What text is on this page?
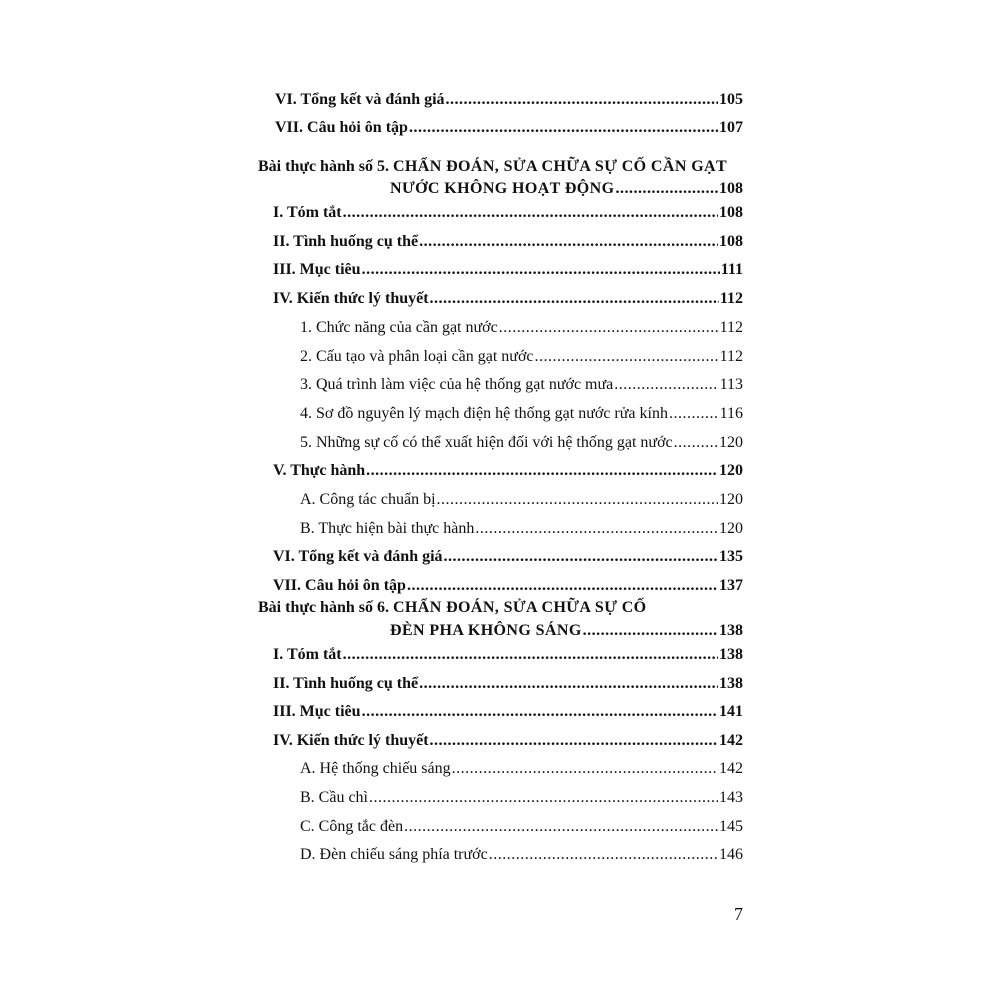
VI. Tổng kết và đánh giá .....	105
VII. Câu hỏi ôn tập .....	107
Bài thực hành số 5. CHẨN ĐOÁN, SỬA CHỮA SỰ CỐ CẦN GẠT
NƯỚC KHÔNG HOẠT ĐỘNG .....	108
I. Tóm tắt .....	108
II. Tình huống cụ thể .....	108
III. Mục tiêu .....	111
IV. Kiến thức lý thuyết .....	112
1. Chức năng của cần gạt nước .....	112
2. Cấu tạo và phân loại cần gạt nước .....	112
3. Quá trình làm việc của hệ thống gạt nước mưa .....	113
4. Sơ đồ nguyên lý mạch điện hệ thống gạt nước rửa kính .....	116
5. Những sự cố có thể xuất hiện đối với hệ thống gạt nước .....	120
V. Thực hành .....	120
A. Công tác chuẩn bị .....	120
B. Thực hiện bài thực hành .....	120
VI. Tổng kết và đánh giá .....	135
VII. Câu hỏi ôn tập .....	137
Bài thực hành số 6. CHẨN ĐOÁN, SỬA CHỮA SỰ CỐ
ĐÈN PHA KHÔNG SÁNG .....	138
I. Tóm tắt .....	138
II. Tình huống cụ thể .....	138
III. Mục tiêu .....	141
IV. Kiến thức lý thuyết .....	142
A. Hệ thống chiếu sáng .....	142
B. Cầu chì .....	143
C. Công tắc đèn .....	145
D. Đèn chiếu sáng phía trước .....	146
7
